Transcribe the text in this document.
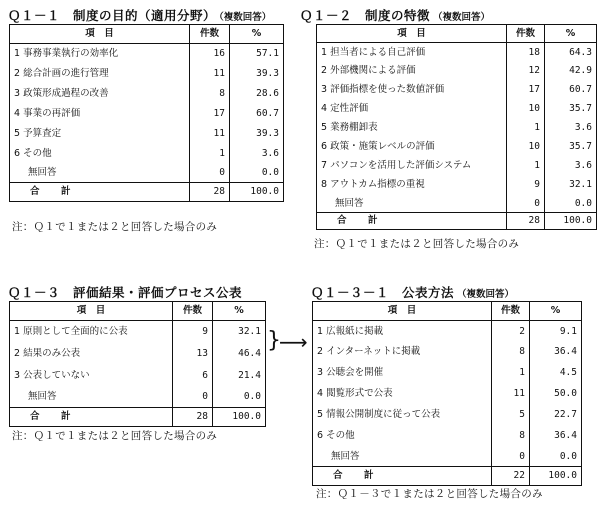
Ｑ１－１　制度の目的（適用分野） （複数回答）
項　目	件数	%
1 事務事業執行の効率化	16	57.1
2 総合計画の進行管理	11	39.3
3 政策形成過程の改善	8	28.6
4 事業の再評価	17	60.7
5 予算査定	11	39.3
6 その他	1	3.6
無回答	0	0.0
合　計	28	100.0
注：Ｑ１で１または２と回答した場合のみ
Ｑ１－２　制度の特徴 （複数回答）
項　目	件数	%
1 担当者による自己評価	18	64.3
2 外部機関による評価	12	42.9
3 評価指標を使った数値評価	17	60.7
4 定性評価	10	35.7
5 業務棚卸表	1	3.6
6 政策・施策レベルの評価	10	35.7
7 パソコンを活用した評価システム	1	3.6
8 アウトカム指標の重視	9	32.1
無回答	0	0.0
合　計	28	100.0
注：Ｑ１で１または２と回答した場合のみ
Ｑ１－３　評価結果・評価プロセス公表
項　目	件数	%
1 原則として全面的に公表	9	32.1
2 結果のみ公表	13	46.4
3 公表していない	6	21.4
無回答	0	0.0
合　計	28	100.0
注：Ｑ１で１または２と回答した場合のみ
}
⟶
Ｑ１－３－１　公表方法 （複数回答）
項　目	件数	%
1 広報紙に掲載	2	9.1
2 インターネットに掲載	8	36.4
3 公聴会を開催	1	4.5
4 閲覧形式で公表	11	50.0
5 情報公開制度に従って公表	5	22.7
6 その他	8	36.4
無回答	0	0.0
合　計	22	100.0
注：Ｑ１－３で１または２と回答した場合のみ
